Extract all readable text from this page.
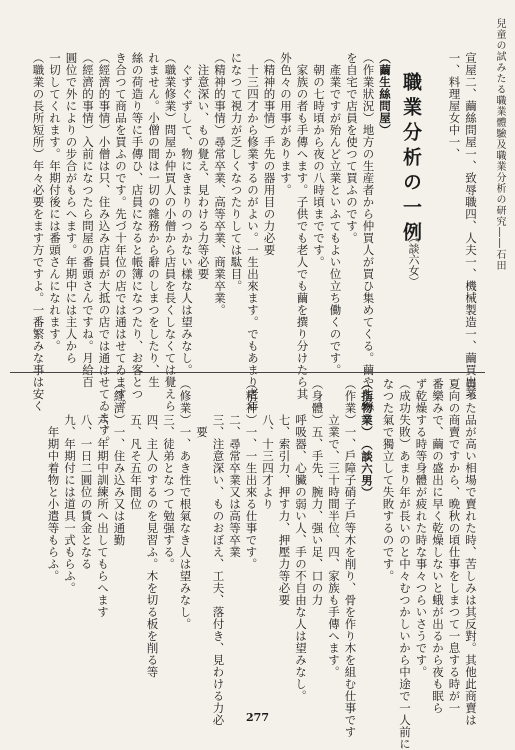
兒童の試みたる職業體驗及職業分析の研究――石田
宣屋二、繭絲問屋一、致辱職四、人夫一、機械製造一、繭買出業
一、料理屋女中一、
職業分析の一例
（談六女）
（繭生絲問屋）
（作業狀況）地方の生産者から仲買人が買ひ集めてくる。繭や生絲
を自宅で店員を使つて買ふのです。
　產業ですが殆んど立業といふてもよい位立ち働くのです。
　朝の七時頃から夜の八時頃までです。
　家族の者も手傳へます。子供でも老人でも繭を撰り分けたら其
外色々の用事があります。
（精神的事情）手先の器用目の力必要
　十三四才から修業するのがよい。一生出來ます。でもあまり老年
になつて視力が乏しくなつたりしては駄目。
（精神的事情）尋常卒業、高等卒業、商業卒業。
　注意深い、もの覺え、見わける力等必要
　ぐずぐずして、物にきまりのつかない樣な人は望みなし。
（職業修業）問屋か仲買人の小僧から店員を長くしなくては覺えら
れません。小僧の間は一切の雜務から辭のしまつをしたり、生
絲の荷造り等に手傳ひ、店員になると帳簿になつたり、お客とつ
き合つて商品を買ふのです。先づ十年位の店では通はせてゐます。
（經濟的事情）小僧は只、住み込み店員が大抵の店では通はせてゐます。
（經濟的事情）入前になつたら問屋の番頭さんですね。月給百
圓位で外によりの步合がもらへます。年期中には主人から
一切してくれます。年期付後には番頭さんになれます。
（職業の長所短所）年々必要をます方ですよ。一番繁みな事は安く
買つた品が高い相場で賣れた時、苦しみは其反對。其他此商賣は
夏向の商賣ですから、晩秋の頃仕事をしまつて一息する時が一
番樂みで、繭の盛出に早く乾燥しないと蛾が出るから夜も眠ら
ず乾燥する時等身體が疲れた時な事々つらいさうです。
（成功失敗）あまり年が長いのと中々むつかしいから中途で一人前に
なつた氣で獨立して失敗するのです。
（指物業）　（談六男）
（作業）一、戶障子硝子戶等木を削り、骨を作り木を組む仕事です
　　　立業で、三十時間半位、四、家族も手傳へます。
（身體）五、手先、腕力、强い足、口の力
　　　呼吸器、心臟の弱い人、手の不自由な人は望みなし。
　　　七、索引力、押す力、押壓力等必要
　　　八、十三四才より
（精神）一、一生出來る仕事です。
　　　二、尋常卒業又は高等卒業
　　　三、注意深い、ものおぼえ、工夫、落付き、見わける力必
　　　　要
（修業）一、あき性で根氣なき人は望みなし。
　　　三、徒弟となつて勉强する。
　　　四、主人のするのを見習ふ。木を切る板を削る等
　　　五、凡そ五年間位
（經濟）一、住み込み又は通勤
　　　六、年期中訓練所へ出してもらへます
　　　八、一日二圓位の賃金となる
　　　九、年期付には道具一式もらふ。
　　　　年期中着物と小遣等もらふ。
277
